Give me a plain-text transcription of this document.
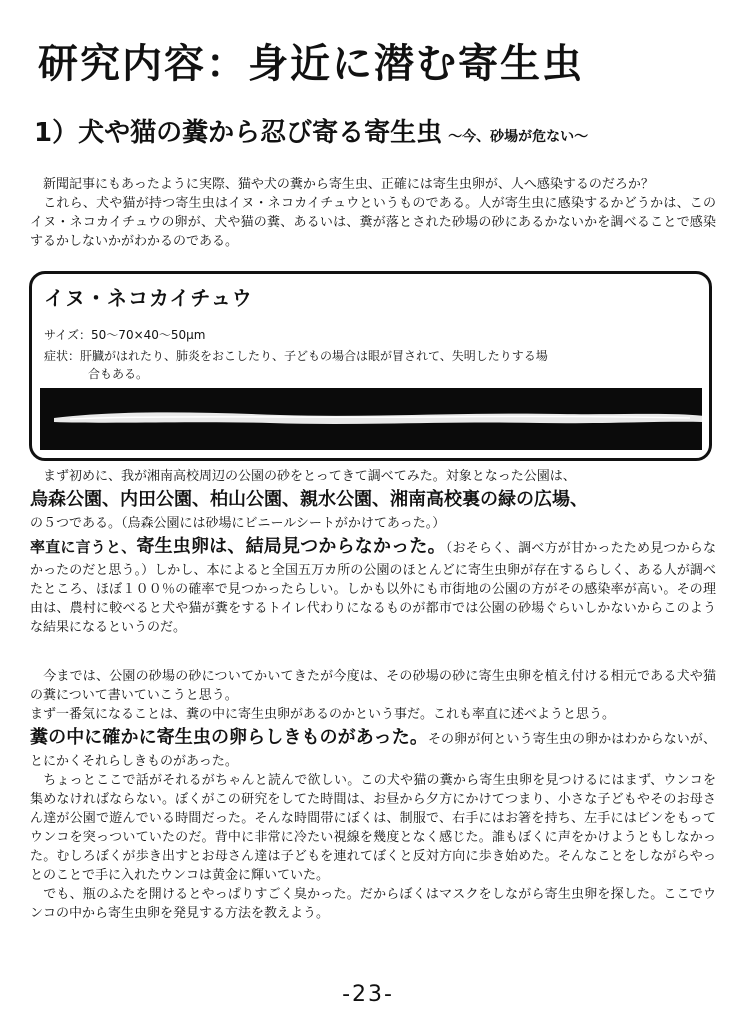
研究内容：身近に潜む寄生虫
1）犬や猫の糞から忍び寄る寄生虫 ～今、砂場が危ない～
新聞記事にもあったように実際、猫や犬の糞から寄生虫、正確には寄生虫卵が、人へ感染するのだろか？
これら、犬や猫が持つ寄生虫はイヌ・ネコカイチュウというものである。人が寄生虫に感染するかどうかは、このイヌ・ネコカイチュウの卵が、犬や猫の糞、あるいは、糞が落とされた砂場の砂にあるかないかを調べることで感染するかしないかがわかるのである。
イヌ・ネコカイチュウ
サイズ：50～70×40～50μm
症状：肝臓がはれたり、肺炎をおこしたり、子どもの場合は眼が冒されて、失明したりする場
合もある。
まず初めに、我が湘南高校周辺の公園の砂をとってきて調べてみた。対象となった公園は、
烏森公園、内田公園、柏山公園、親水公園、湘南高校裏の緑の広場、
の５つである。（烏森公園には砂場にビニールシートがかけてあった。）
率直に言うと、寄生虫卵は、結局見つからなかった。（おそらく、調べ方が甘かったため見つからなかったのだと思う。）しかし、本によると全国五万カ所の公園のほとんどに寄生虫卵が存在するらしく、ある人が調べたところ、ほぼ１００％の確率で見つかったらしい。しかも以外にも市街地の公園の方がその感染率が高い。その理由は、農村に較べると犬や猫が糞をするトイレ代わりになるものが都市では公園の砂場ぐらいしかないからこのような結果になるというのだ。
今までは、公園の砂場の砂についてかいてきたが今度は、その砂場の砂に寄生虫卵を植え付ける相元である犬や猫の糞について書いていこうと思う。
まず一番気になることは、糞の中に寄生虫卵があるのかという事だ。これも率直に述べようと思う。
糞の中に確かに寄生虫の卵らしきものがあった。その卵が何という寄生虫の卵かはわからないが、とにかくそれらしきものがあった。
ちょっとここで話がそれるがちゃんと読んで欲しい。この犬や猫の糞から寄生虫卵を見つけるにはまず、ウンコを集めなければならない。ぼくがこの研究をしてた時間は、お昼から夕方にかけてつまり、小さな子どもやそのお母さん達が公園で遊んでいる時間だった。そんな時間帯にぼくは、制服で、右手にはお箸を持ち、左手にはビンをもってウンコを突っついていたのだ。背中に非常に冷たい視線を幾度となく感じた。誰もぼくに声をかけようともしなかった。むしろぼくが歩き出すとお母さん達は子どもを連れてぼくと反対方向に歩き始めた。そんなことをしながらやっとのことで手に入れたウンコは黄金に輝いていた。
でも、瓶のふたを開けるとやっぱりすごく臭かった。だからぼくはマスクをしながら寄生虫卵を探した。ここでウンコの中から寄生虫卵を発見する方法を教えよう。
-23-
